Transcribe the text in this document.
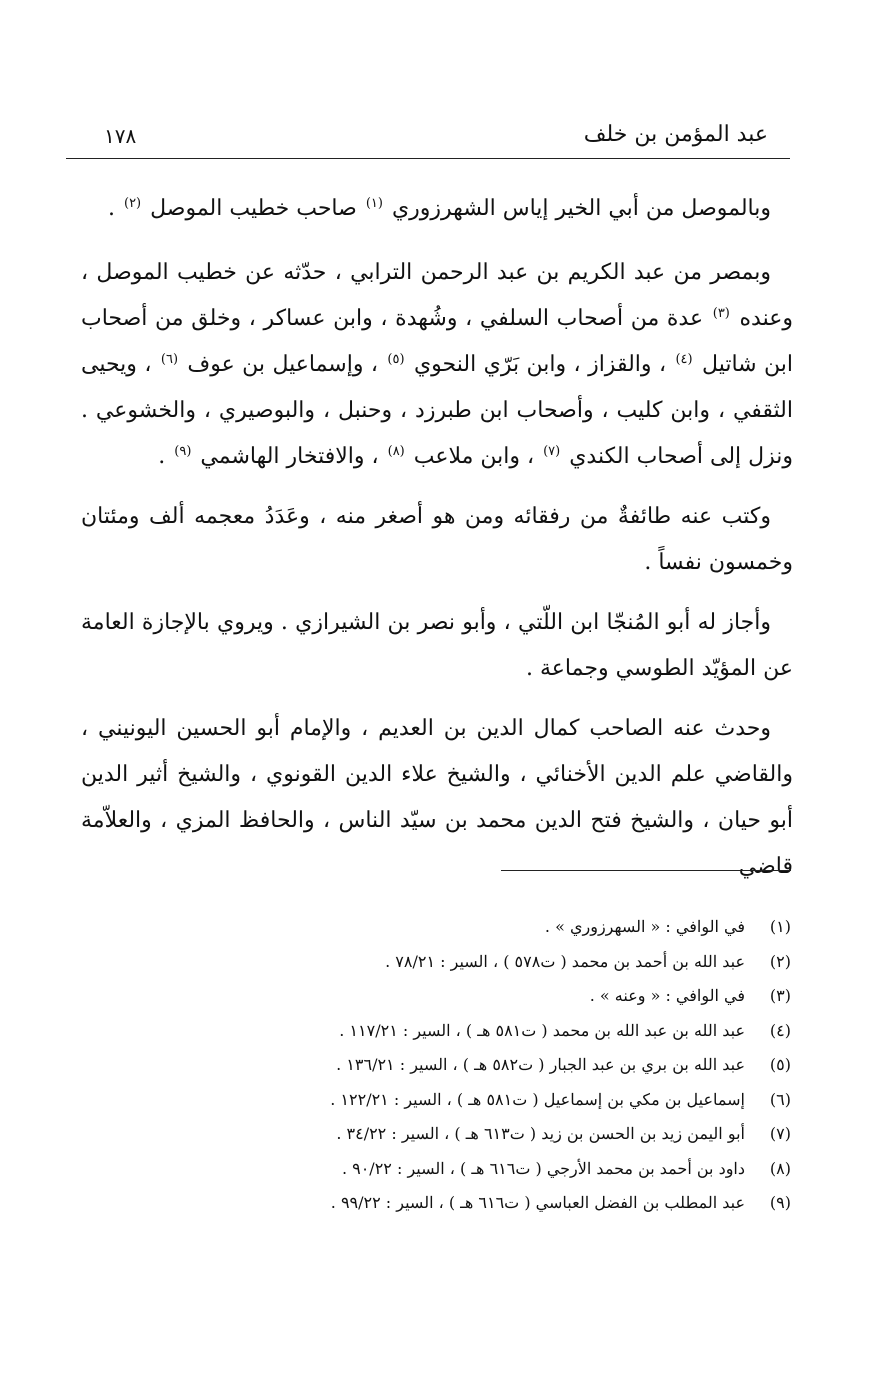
عبد المؤمن بن خلف
١٧٨

وبالموصل من أبي الخير إياس الشهرزوري $^{(١)}$ صاحب خطيب الموصل $^{(٢)}$ .

وبمصر من عبد الكريم بن عبد الرحمن الترابي ، حدّثه عن خطيب الموصل ، وعنده $^{(٣)}$ عدة من أصحاب السلفي ، وشُهدة ، وابن عساكر ، وخلق من أصحاب ابن شاتيل $^{(٤)}$ ، والقزاز ، وابن بَرّي النحوي $^{(٥)}$ ، وإسماعيل بن عوف $^{(٦)}$ ، ويحيى الثقفي ، وابن كليب ، وأصحاب ابن طبرزد ، وحنبل ، والبوصيري ، والخشوعي . ونزل إلى أصحاب الكندي $^{(٧)}$ ، وابن ملاعب $^{(٨)}$ ، والافتخار الهاشمي $^{(٩)}$ .

وكتب عنه طائفةٌ من رفقائه ومن هو أصغر منه ، وعَدَدُ معجمه ألف ومئتان وخمسون نفساً .

وأجاز له أبو المُنجّا ابن اللّتي ، وأبو نصر بن الشيرازي . ويروي بالإجازة العامة عن المؤيّد الطوسي وجماعة .

وحدث عنه الصاحب كمال الدين بن العديم ، والإمام أبو الحسين اليونيني ، والقاضي علم الدين الأخنائي ، والشيخ علاء الدين القونوي ، والشيخ أثير الدين أبو حيان ، والشيخ فتح الدين محمد بن سيّد الناس ، والحافظ المزي ، والعلاّمة قاضي

(١)
في الوافي : « السهرزوري » .
(٢)
عبد الله بن أحمد بن محمد ( ت٥٧٨ ) ، السير : ٧٨/٢١ .
(٣)
في الوافي : « وعنه » .
(٤)
عبد الله بن عبد الله بن محمد ( ت٥٨١ هـ ) ، السير : ١١٧/٢١ .
(٥)
عبد الله بن بري بن عبد الجبار ( ت٥٨٢ هـ ) ، السير : ١٣٦/٢١ .
(٦)
إسماعيل بن مكي بن إسماعيل ( ت٥٨١ هـ ) ، السير : ١٢٢/٢١ .
(٧)
أبو اليمن زيد بن الحسن بن زيد ( ت٦١٣ هـ ) ، السير : ٣٤/٢٢ .
(٨)
داود بن أحمد بن محمد الأرجي ( ت٦١٦ هـ ) ، السير : ٩٠/٢٢ .
(٩)
عبد المطلب بن الفضل العباسي ( ت٦١٦ هـ ) ، السير : ٩٩/٢٢ .
